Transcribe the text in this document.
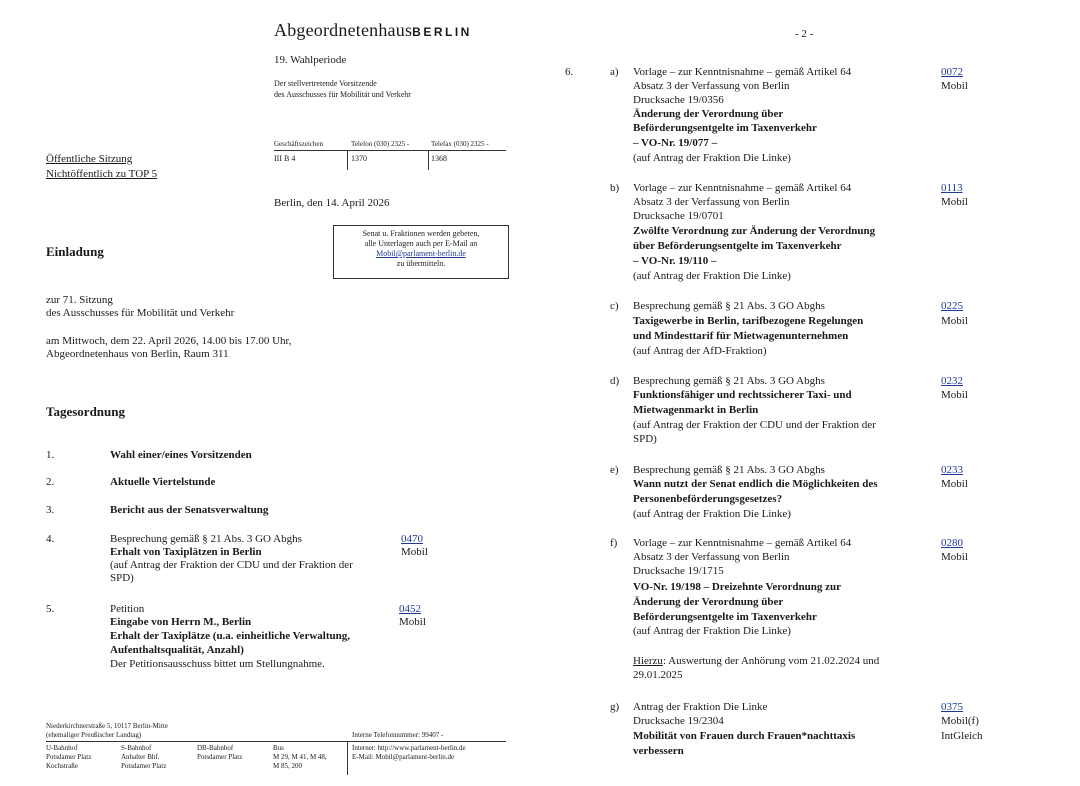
AbgeordnetenhausBERLIN
19. Wahlperiode
Der stellvertretende Vorsitzende
des Ausschusses für Mobilität und Verkehr
Geschäftszeichen	Telefon (030) 2325 -	Telefax (030) 2325 -
III B 4	1370	1368
Öffentliche Sitzung
Nichtöffentlich zu TOP 5
Berlin, den 14. April 2026
Senat u. Fraktionen werden gebeten,
alle Unterlagen auch per E-Mail an
Mobil@parlament-berlin.de
zu übermitteln.
Einladung
zur 71. Sitzung
des Ausschusses für Mobilität und Verkehr
am Mittwoch, dem 22. April 2026, 14.00 bis 17.00 Uhr,
Abgeordnetenhaus von Berlin, Raum 311
Tagesordnung
1.	Wahl einer/eines Vorsitzenden
2.	Aktuelle Viertelstunde
3.	Bericht aus der Senatsverwaltung
4.	Besprechung gemäß § 21 Abs. 3 GO Abghs
Erhalt von Taxiplätzen in Berlin
(auf Antrag der Fraktion der CDU und der Fraktion der
SPD)
0470
Mobil
5.	Petition
Eingabe von Herrn M., Berlin
Erhalt der Taxiplätze (u.a. einheitliche Verwaltung,
Aufenthaltsqualität, Anzahl)
Der Petitionsausschuss bittet um Stellungnahme.
0452
Mobil
Niederkirchnerstraße 5, 10117 Berlin-Mitte
(ehemaliger Preußischer Landtag)	Interne Telefonnummer: 99407 -
U-Bahnhof
Potsdamer Platz
Kochstraße
S-Bahnhof
Anhalter Bhf.
Potsdamer Platz
DB-Bahnhof
Potsdamer Platz
Bus
M 29, M 41, M 48,
M 85, 200
Internet: http://www.parlament-berlin.de
E-Mail: Mobil@parlament-berlin.de
- 2 -
6.	a) Vorlage – zur Kenntnisnahme – gemäß Artikel 64
Absatz 3 der Verfassung von Berlin
Drucksache 19/0356
Änderung der Verordnung über
Beförderungsentgelte im Taxenverkehr
– VO-Nr. 19/077 –
(auf Antrag der Fraktion Die Linke)
0072
Mobil
b) Vorlage – zur Kenntnisnahme – gemäß Artikel 64
Absatz 3 der Verfassung von Berlin
Drucksache 19/0701
Zwölfte Verordnung zur Änderung der Verordnung
über Beförderungsentgelte im Taxenverkehr
– VO-Nr. 19/110 –
(auf Antrag der Fraktion Die Linke)
0113
Mobil
c) Besprechung gemäß § 21 Abs. 3 GO Abghs
Taxigewerbe in Berlin, tarifbezogene Regelungen
und Mindesttarif für Mietwagenunternehmen
(auf Antrag der AfD-Fraktion)
0225
Mobil
d) Besprechung gemäß § 21 Abs. 3 GO Abghs
Funktionsfähiger und rechtssicherer Taxi- und
Mietwagenmarkt in Berlin
(auf Antrag der Fraktion der CDU und der Fraktion der
SPD)
0232
Mobil
e) Besprechung gemäß § 21 Abs. 3 GO Abghs
Wann nutzt der Senat endlich die Möglichkeiten des
Personenbeförderungsgesetzes?
(auf Antrag der Fraktion Die Linke)
0233
Mobil
f) Vorlage – zur Kenntnisnahme – gemäß Artikel 64
Absatz 3 der Verfassung von Berlin
Drucksache 19/1715
VO-Nr. 19/198 – Dreizehnte Verordnung zur
Änderung der Verordnung über
Beförderungsentgelte im Taxenverkehr
(auf Antrag der Fraktion Die Linke)
Hierzu: Auswertung der Anhörung vom 21.02.2024 und
29.01.2025
0280
Mobil
g) Antrag der Fraktion Die Linke
Drucksache 19/2304
Mobilität von Frauen durch Frauen*nachttaxis
verbessern
0375
Mobil(f)
IntGleich
